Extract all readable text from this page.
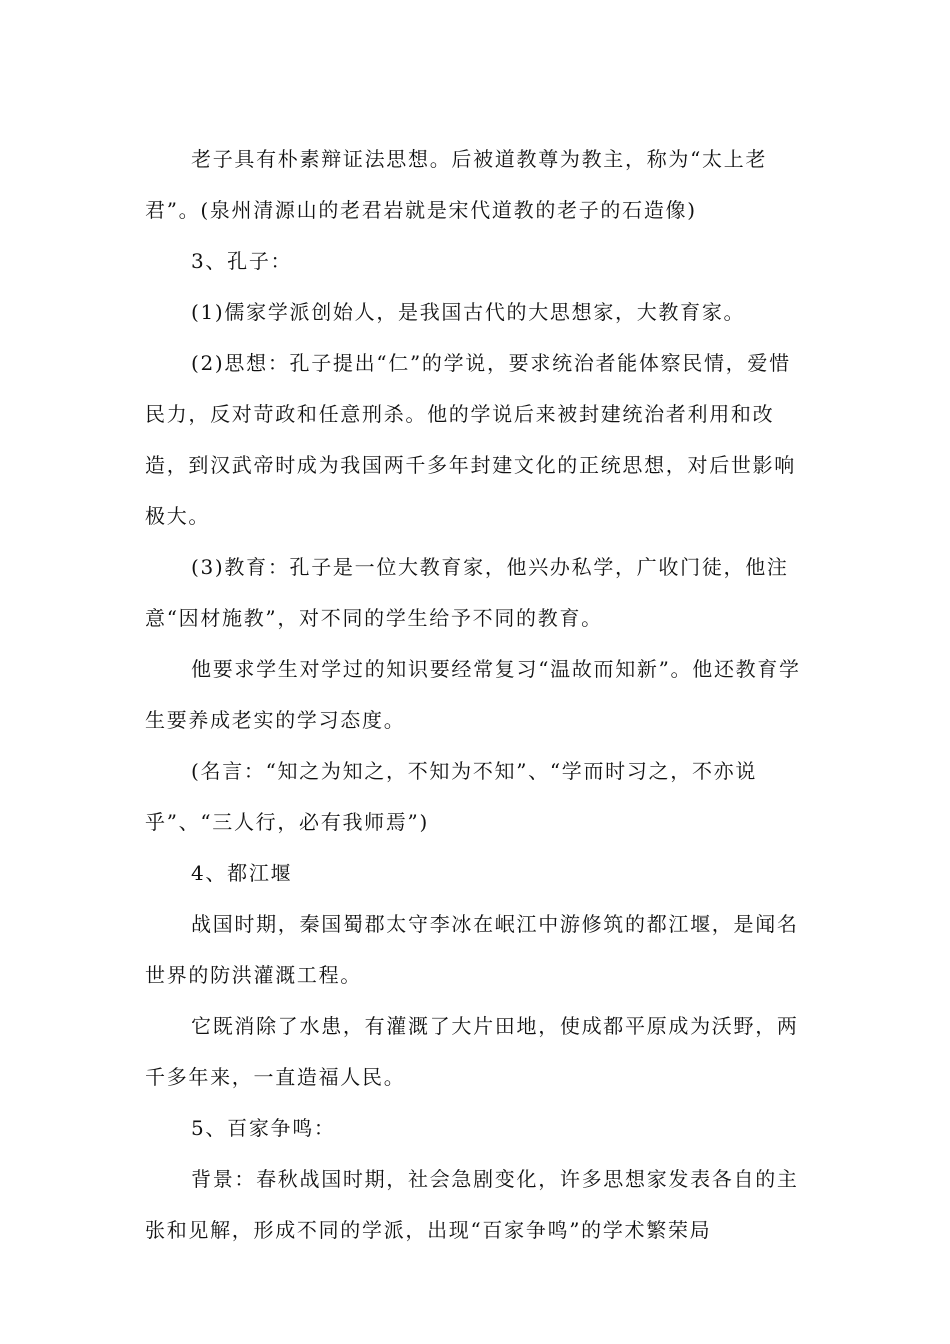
老子具有朴素辩证法思想。后被道教尊为教主，称为“太上老君”。(泉州清源山的老君岩就是宋代道教的老子的石造像)

3、孔子：

(1)儒家学派创始人，是我国古代的大思想家，大教育家。

(2)思想：孔子提出“仁”的学说，要求统治者能体察民情，爱惜民力，反对苛政和任意刑杀。他的学说后来被封建统治者利用和改造，到汉武帝时成为我国两千多年封建文化的正统思想，对后世影响极大。

(3)教育：孔子是一位大教育家，他兴办私学，广收门徒，他注意“因材施教”，对不同的学生给予不同的教育。

他要求学生对学过的知识要经常复习“温故而知新”。他还教育学生要养成老实的学习态度。

(名言：“知之为知之，不知为不知”、“学而时习之，不亦说乎”、“三人行，必有我师焉”)

4、都江堰

战国时期，秦国蜀郡太守李冰在岷江中游修筑的都江堰，是闻名世界的防洪灌溉工程。

它既消除了水患，有灌溉了大片田地，使成都平原成为沃野，两千多年来，一直造福人民。

5、百家争鸣：

背景：春秋战国时期，社会急剧变化，许多思想家发表各自的主张和见解，形成不同的学派，出现“百家争鸣”的学术繁荣局
